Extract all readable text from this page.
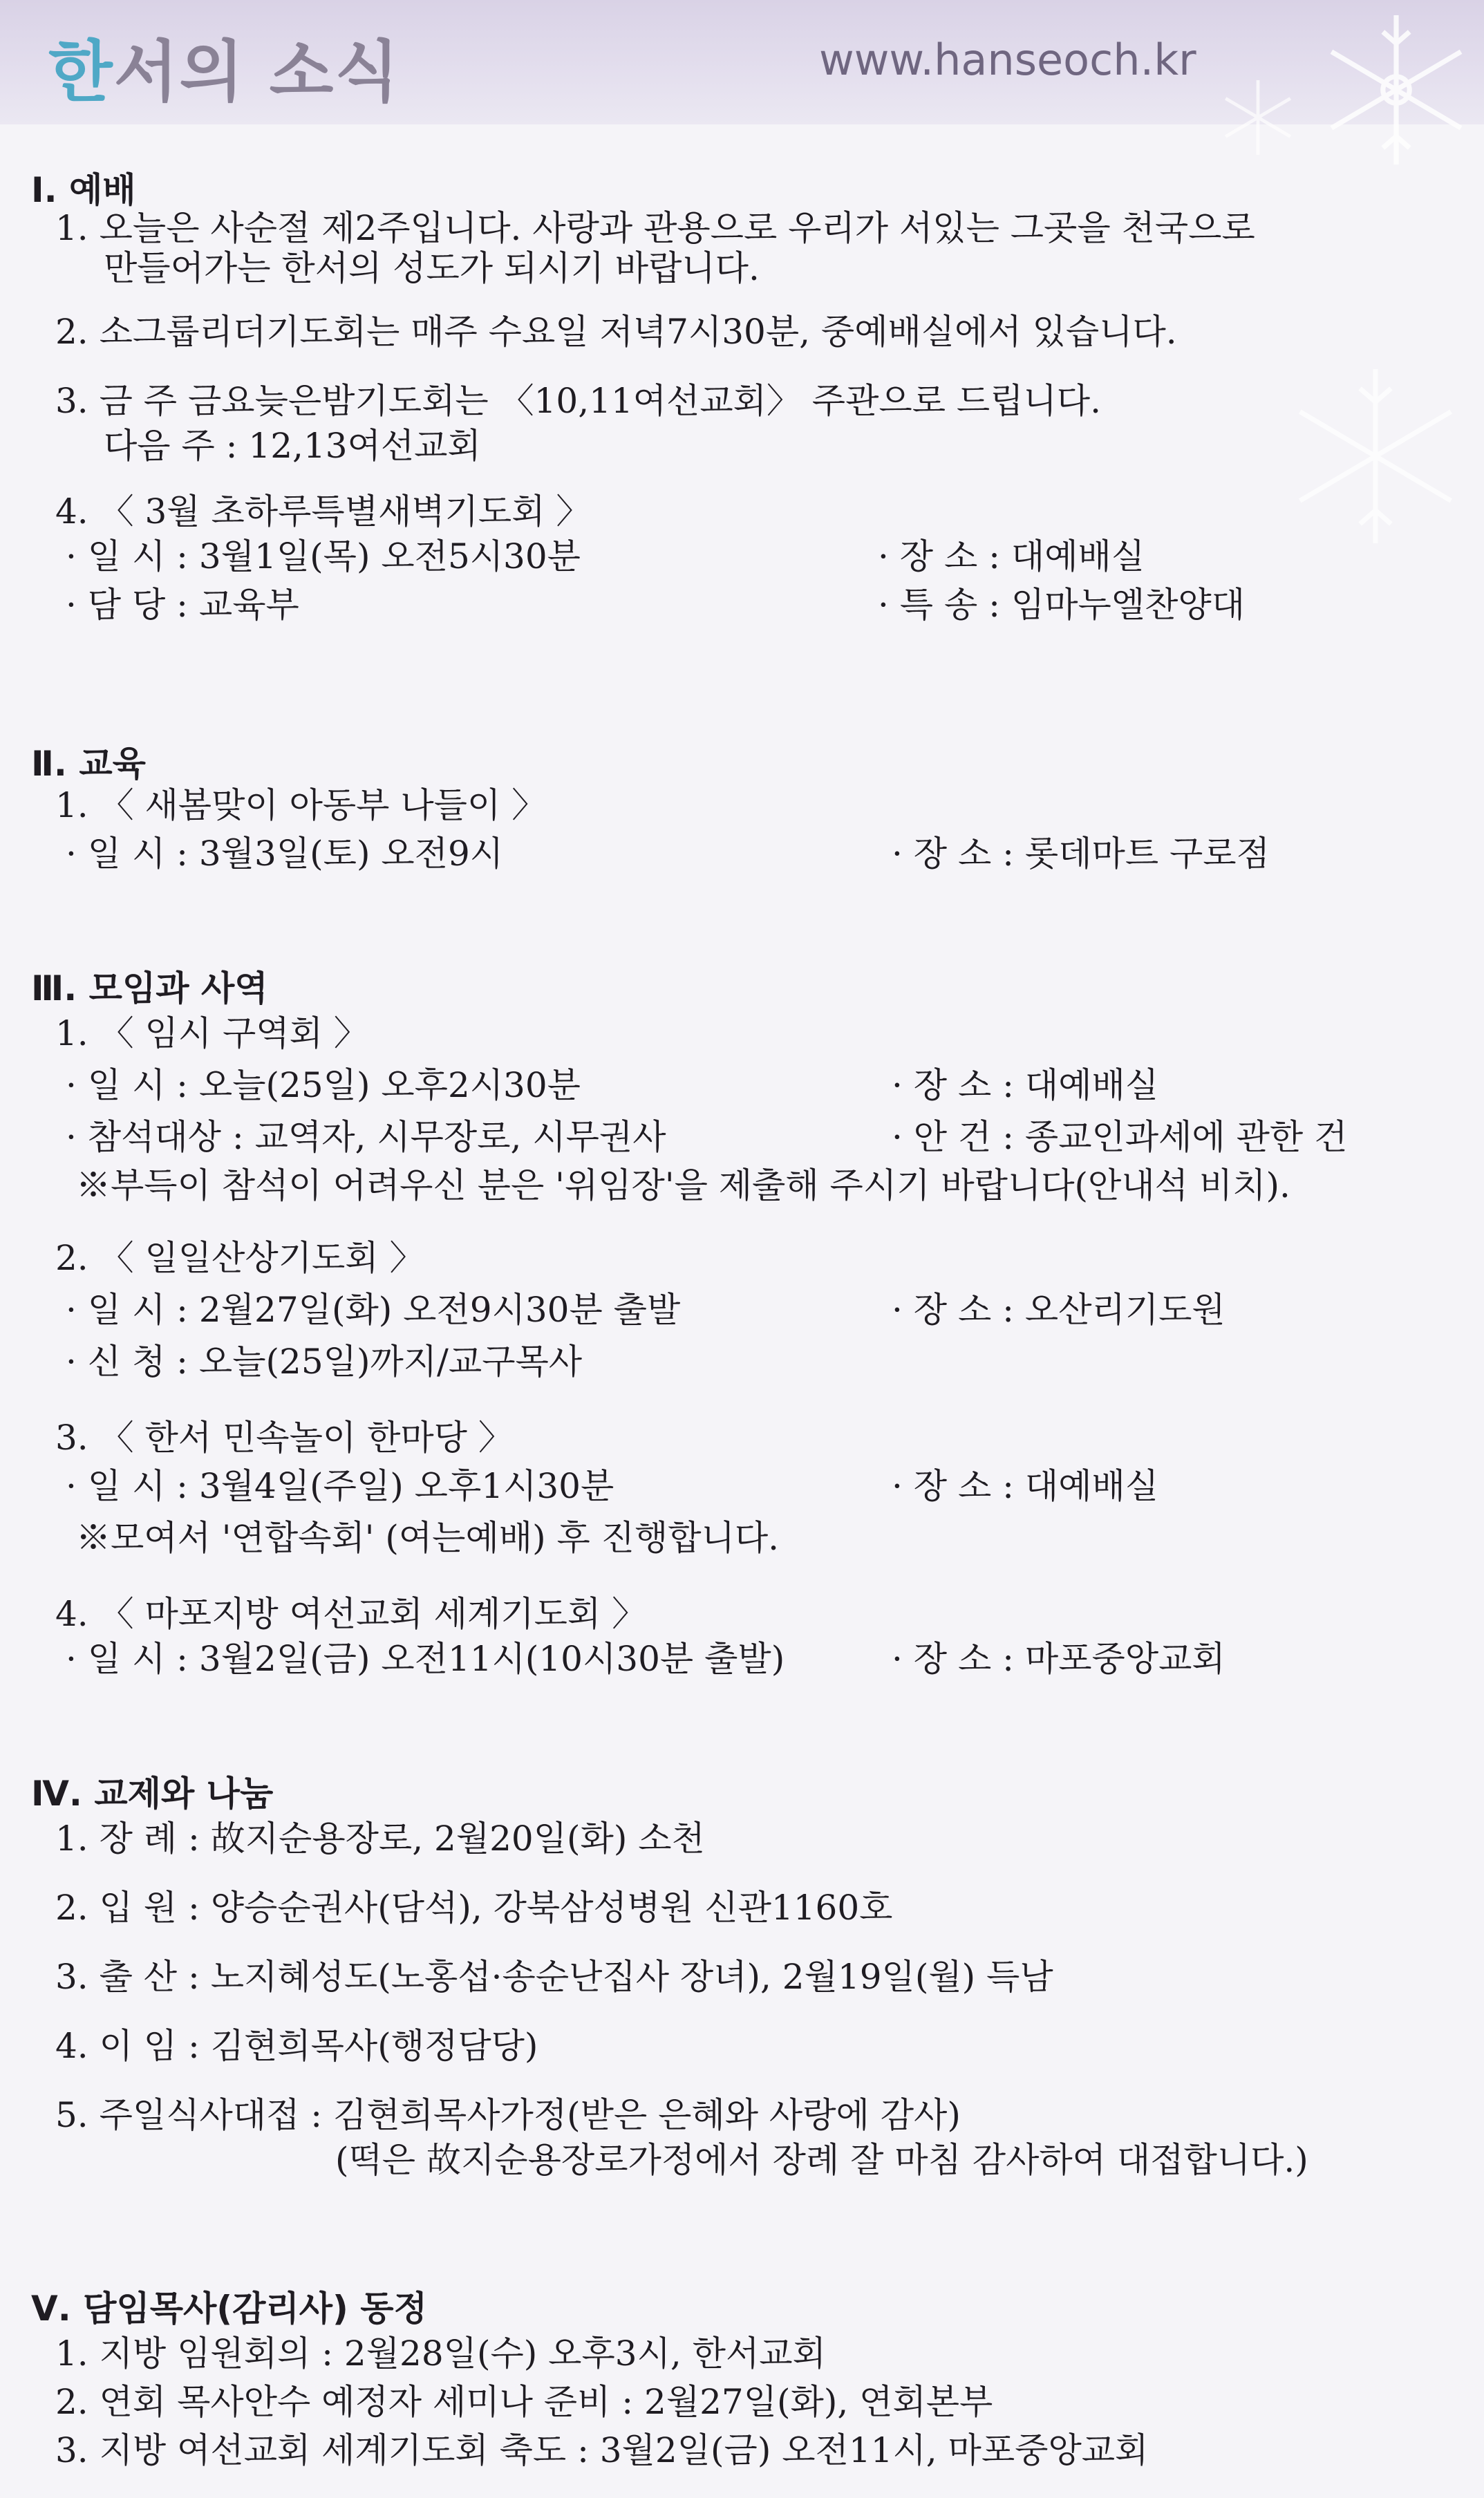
한서의 소식	www.hanseoch.kr
Ⅰ. 예배
1. 오늘은 사순절 제2주입니다. 사랑과 관용으로 우리가 서있는 그곳을 천국으로
만들어가는 한서의 성도가 되시기 바랍니다.
2. 소그룹리더기도회는 매주 수요일 저녁7시30분, 중예배실에서 있습니다.
3. 금 주 금요늦은밤기도회는 〈10,11여선교회〉 주관으로 드립니다.
다음 주 : 12,13여선교회
4. 〈 3월 초하루특별새벽기도회 〉
· 일 시 : 3월1일(목) 오전5시30분	· 장 소 : 대예배실
· 담 당 : 교육부	· 특 송 : 임마누엘찬양대
Ⅱ. 교육
1. 〈 새봄맞이 아동부 나들이 〉
· 일 시 : 3월3일(토) 오전9시	· 장 소 : 롯데마트 구로점
Ⅲ. 모임과 사역
1. 〈 임시 구역회 〉
· 일 시 : 오늘(25일) 오후2시30분	· 장 소 : 대예배실
· 참석대상 : 교역자, 시무장로, 시무권사	· 안 건 : 종교인과세에 관한 건
※부득이 참석이 어려우신 분은 '위임장'을 제출해 주시기 바랍니다(안내석 비치).
2. 〈 일일산상기도회 〉
· 일 시 : 2월27일(화) 오전9시30분 출발	· 장 소 : 오산리기도원
· 신 청 : 오늘(25일)까지/교구목사
3. 〈 한서 민속놀이 한마당 〉
· 일 시 : 3월4일(주일) 오후1시30분	· 장 소 : 대예배실
※모여서 '연합속회' (여는예배) 후 진행합니다.
4. 〈 마포지방 여선교회 세계기도회 〉
· 일 시 : 3월2일(금) 오전11시(10시30분 출발)	· 장 소 : 마포중앙교회
Ⅳ. 교제와 나눔
1. 장 례 : 故지순용장로, 2월20일(화) 소천
2. 입 원 : 양승순권사(담석), 강북삼성병원 신관1160호
3. 출 산 : 노지혜성도(노홍섭·송순난집사 장녀), 2월19일(월) 득남
4. 이 임 : 김현희목사(행정담당)
5. 주일식사대접 : 김현희목사가정(받은 은혜와 사랑에 감사)
(떡은 故지순용장로가정에서 장례 잘 마침 감사하여 대접합니다.)
Ⅴ. 담임목사(감리사) 동정
1. 지방 임원회의 : 2월28일(수) 오후3시, 한서교회
2. 연회 목사안수 예정자 세미나 준비 : 2월27일(화), 연회본부
3. 지방 여선교회 세계기도회 축도 : 3월2일(금) 오전11시, 마포중앙교회
